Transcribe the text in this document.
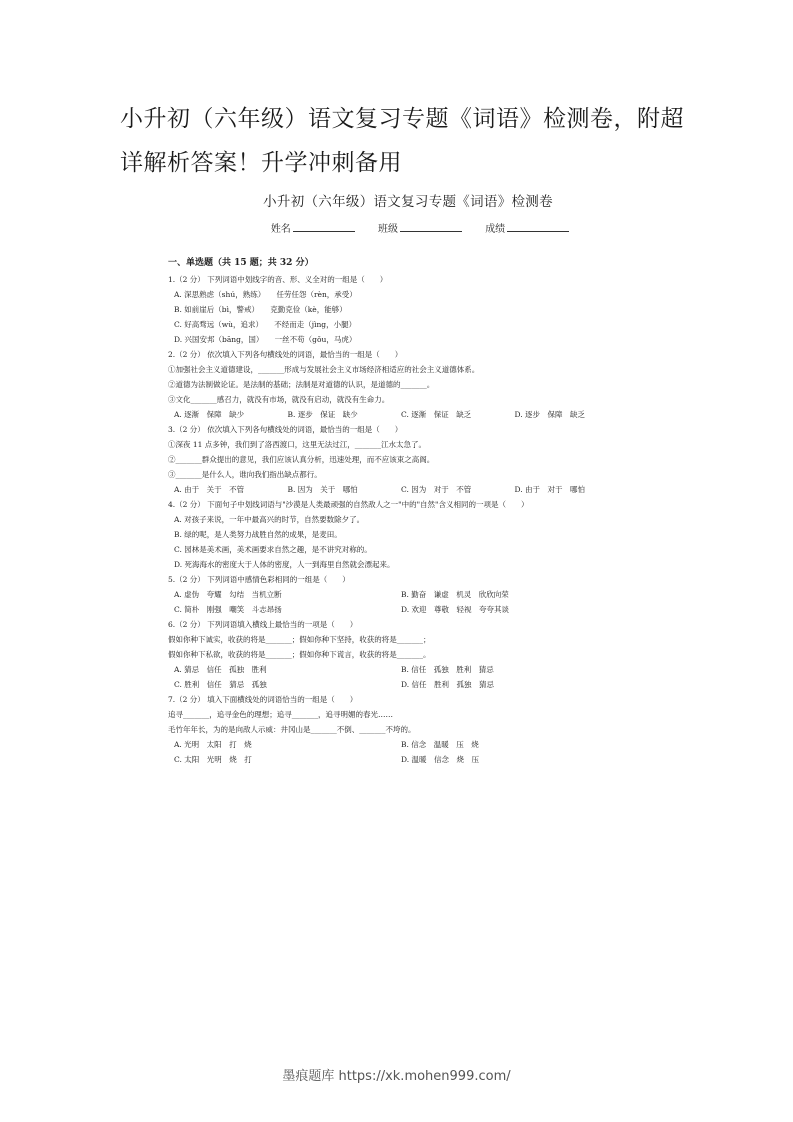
小升初（六年级）语文复习专题《词语》检测卷，附超详解析答案！升学冲刺备用
小升初（六年级）语文复习专题《词语》检测卷
姓名	班级	成绩
一、单选题（共 15 题；共 32 分）
1.（2 分） 下列词语中划线字的音、形、义全对的一组是（　　）
A. 深思熟虑（shú，熟练）　　任劳任怨（rèn，承受）
B. 如前崖后（bì，警戒）　　克勤克俭（kè，能够）
C. 好高骛远（wù，追求）　　不经而走（jìng，小腿）
D. 兴国安邦（bāng，国）　　一丝不苟（gǒu，马虎）
2.（2 分） 依次填入下列各句横线处的词语，最恰当的一组是（　　）
①加强社会主义道德建设，_______形成与发展社会主义市场经济相适应的社会主义道德体系。
②道德为法制做论证。是法制的基础；法制是对道德的认识，是道德的_______。
③文化_______感召力，就没有市场，就没有启动，就没有生命力。
A. 逐渐　保障　缺少	B. 逐步　保证　缺少	C. 逐渐　保证　缺乏	D. 逐步　保障　缺乏
3.（2 分） 依次填入下列各句横线处的词语，最恰当的一组是（　　）
①深夜 11 点多钟，我们到了洛西渡口，这里无法过江，_______江水太急了。
②_______群众提出的意见，我们应该认真分析，迅速处理，而不应该束之高阁。
③_______是什么人，谁向我们指出缺点都行。
A. 由于　关于　不管	B. 因为　关于　哪怕	C. 因为　对于　不管	D. 由于　对于　哪怕
4.（2 分） 下面句子中划线词语与"沙漠是人类最顽强的自然敌人之一"中的"自然"含义相同的一项是（　　）
A. 对孩子来说，一年中最高兴的时节，自然要数除夕了。
B. 绿的呢，是人类努力战胜自然的成果，是麦田。
C. 园林是美术画，美术画要求自然之趣，是不讲究对称的。
D. 死海海水的密度大于人体的密度，人一到海里自然就会漂起来。
5.（2 分） 下列词语中感情色彩相同的一组是（　　）
A. 虚伪　夸耀　勾结　当机立断	B. 勤奋　谦虚　机灵　欣欣向荣
C. 简朴　刚强　嘲笑　斗志昂扬	D. 欢迎　尊敬　轻视　夸夸其谈
6.（2 分） 下列词语填入横线上最恰当的一项是（　　）
假如你种下诚实，收获的将是_______；假如你种下坚持，收获的将是_______；
假如你种下私欲，收获的将是_______；假如你种下谎言，收获的将是_______。
A. 猜忌　信任　孤独　胜利	B. 信任　孤独　胜利　猜忌
C. 胜利　信任　猜忌　孤独	D. 信任　胜利　孤独　猜忌
7.（2 分） 填入下面横线处的词语恰当的一组是（　　）
追寻_______，追寻金色的理想；追寻_______，追寻明媚的春光……
毛竹年年长，为的是向敌人示威：井冈山是_______不倒、_______不垮的。
A. 光明　太阳　打　烧	B. 信念　温暖　压　烧
C. 太阳　光明　烧　打	D. 温暖　信念　烧　压
墨痕题库 https://xk.mohen999.com/
